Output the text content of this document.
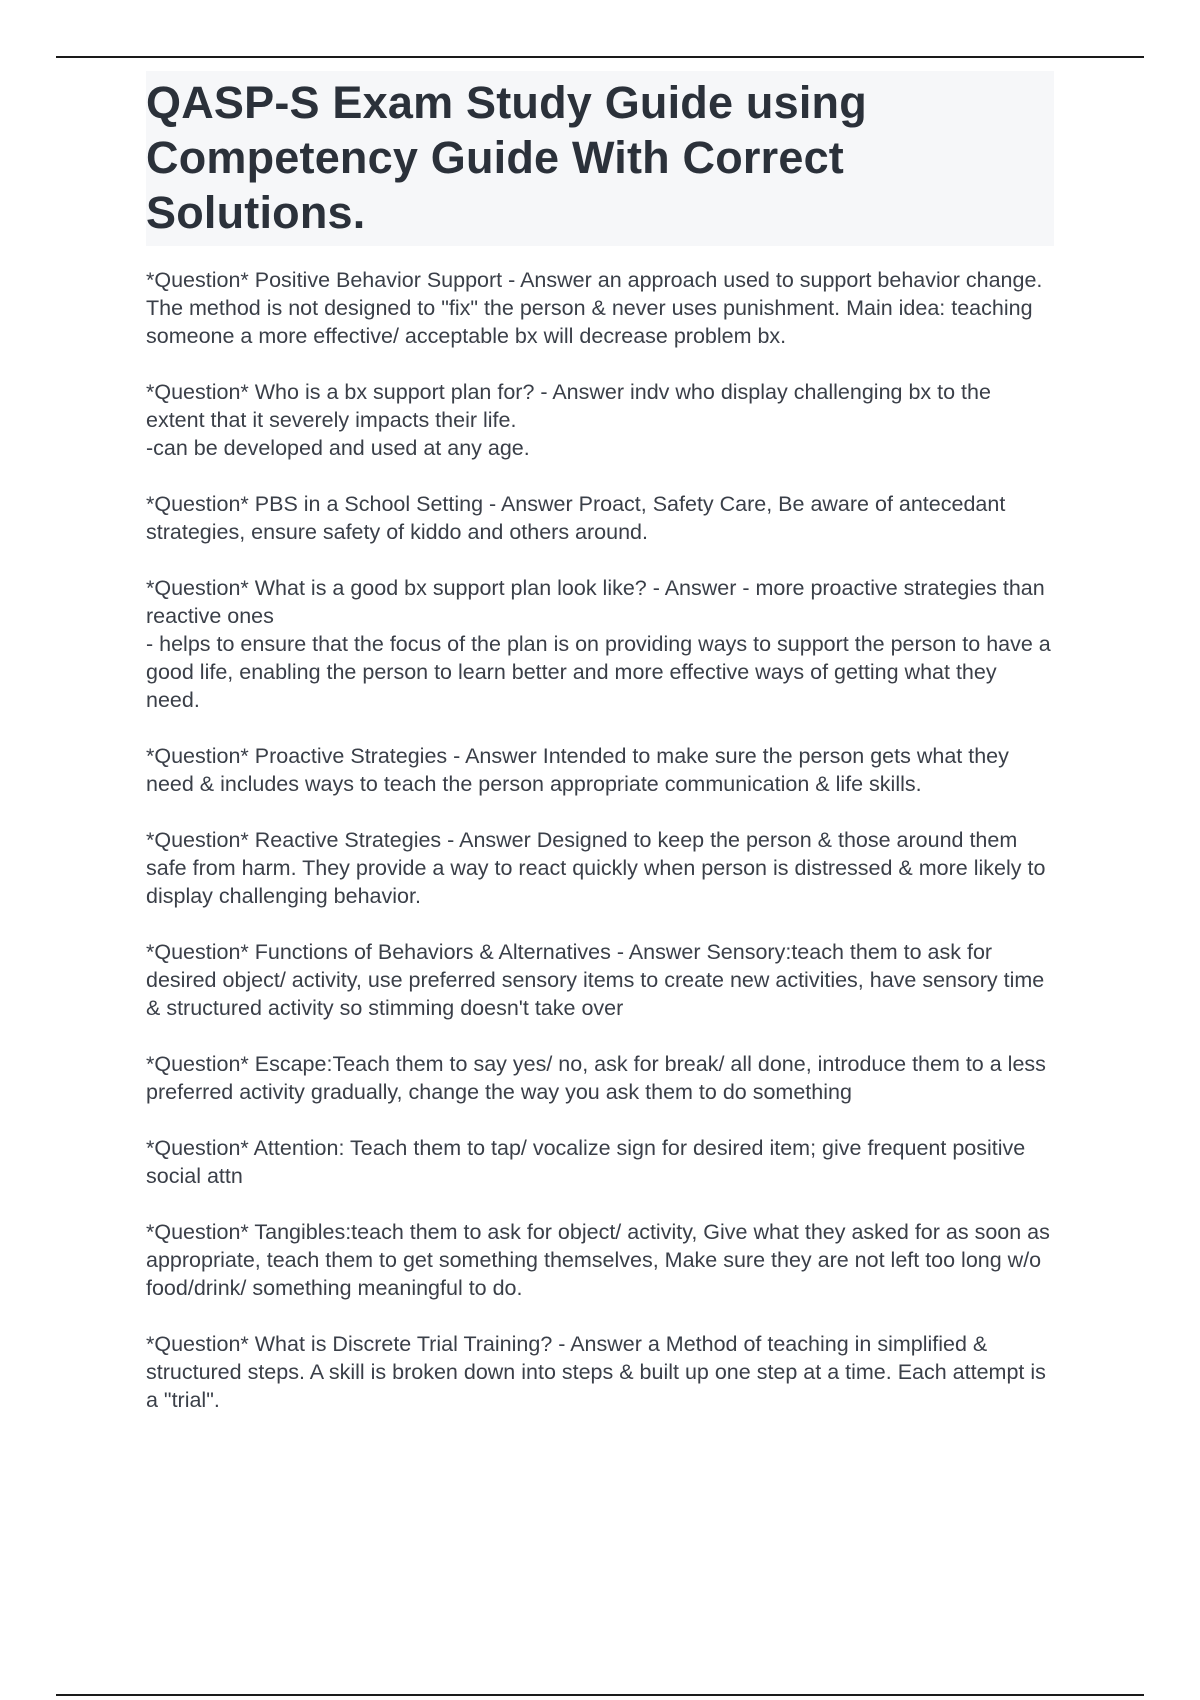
QASP-S Exam Study Guide using Competency Guide With Correct Solutions.

*Question* Positive Behavior Support - Answer an approach used to support behavior change. The method is not designed to "fix" the person & never uses punishment. Main idea: teaching someone a more effective/ acceptable bx will decrease problem bx.

*Question* Who is a bx support plan for? - Answer indv who display challenging bx to the extent that it severely impacts their life.
-can be developed and used at any age.

*Question* PBS in a School Setting - Answer Proact, Safety Care, Be aware of antecedant strategies, ensure safety of kiddo and others around.

*Question* What is a good bx support plan look like? - Answer - more proactive strategies than reactive ones
- helps to ensure that the focus of the plan is on providing ways to support the person to have a good life, enabling the person to learn better and more effective ways of getting what they need.

*Question* Proactive Strategies - Answer Intended to make sure the person gets what they need & includes ways to teach the person appropriate communication & life skills.

*Question* Reactive Strategies - Answer Designed to keep the person & those around them safe from harm. They provide a way to react quickly when person is distressed & more likely to display challenging behavior.

*Question* Functions of Behaviors & Alternatives - Answer Sensory:teach them to ask for desired object/ activity, use preferred sensory items to create new activities, have sensory time & structured activity so stimming doesn't take over

*Question* Escape:Teach them to say yes/ no, ask for break/ all done, introduce them to a less preferred activity gradually, change the way you ask them to do something

*Question* Attention: Teach them to tap/ vocalize sign for desired item; give frequent positive social attn

*Question* Tangibles:teach them to ask for object/ activity, Give what they asked for as soon as appropriate, teach them to get something themselves, Make sure they are not left too long w/o food/drink/ something meaningful to do.

*Question* What is Discrete Trial Training? - Answer a Method of teaching in simplified & structured steps. A skill is broken down into steps & built up one step at a time. Each attempt is a "trial".
